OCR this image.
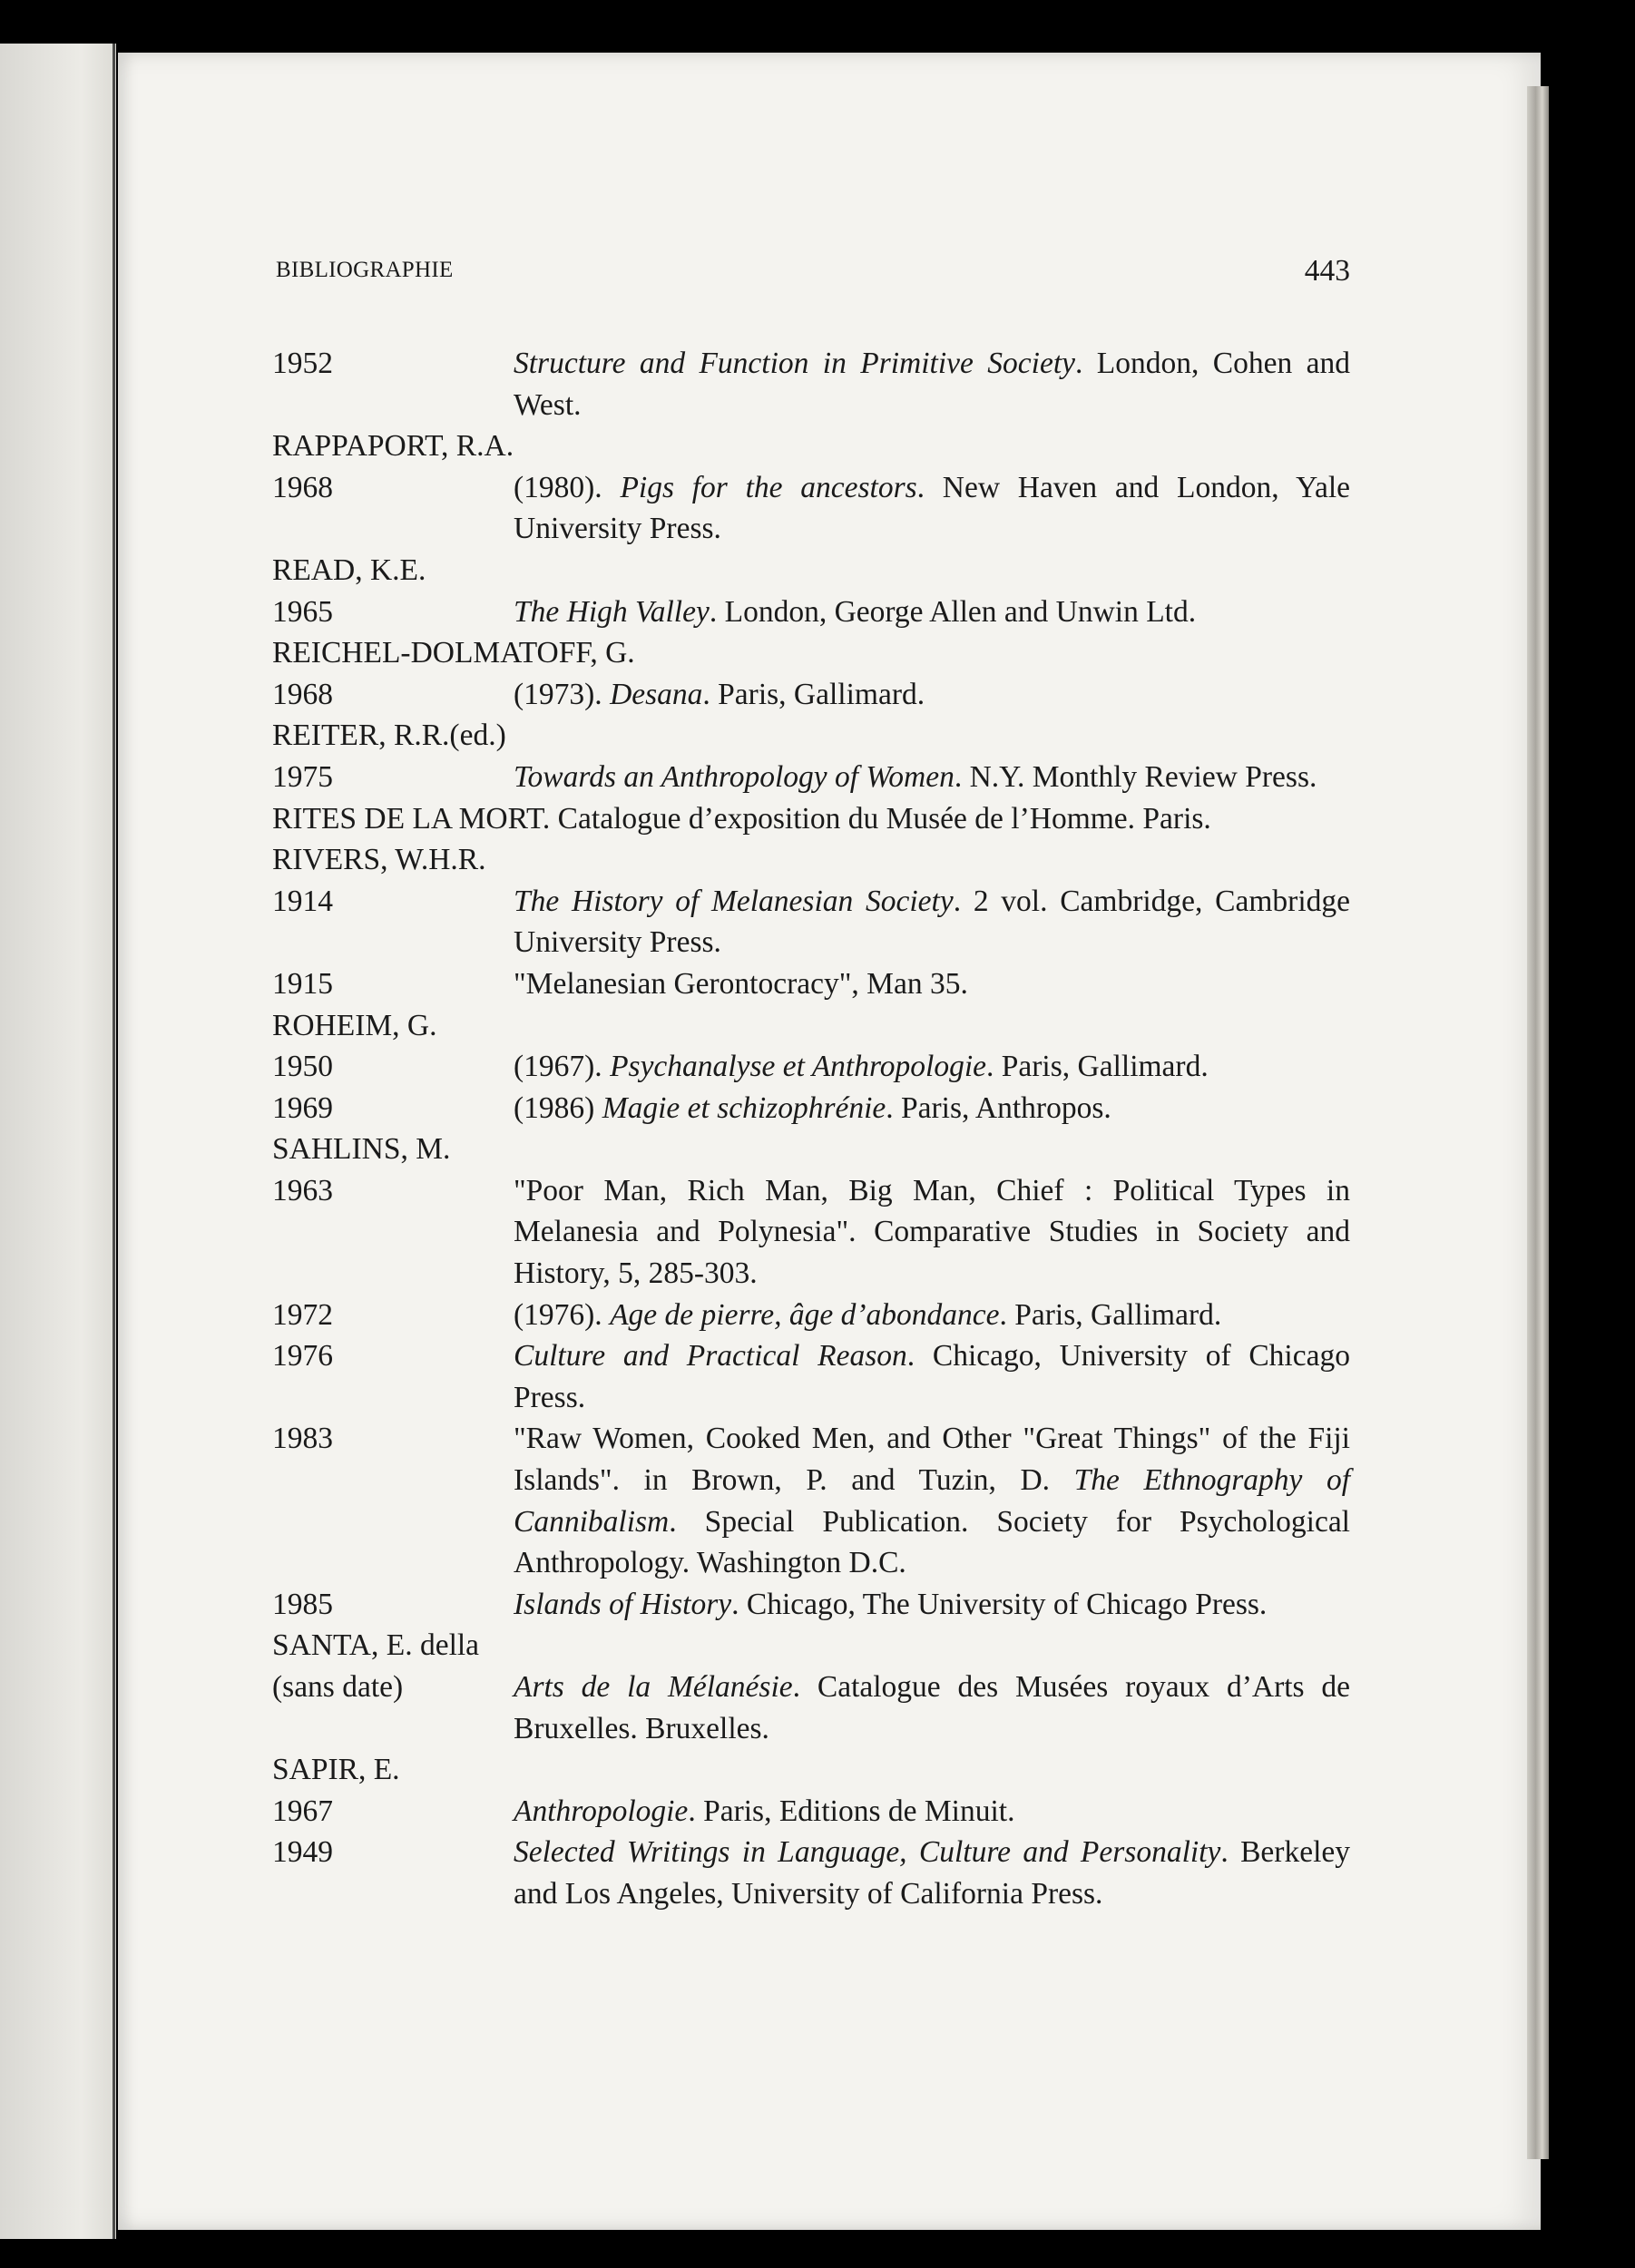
BIBLIOGRAPHIE	443
1952	Structure and Function in Primitive Society. London, Cohen and West.
RAPPAPORT, R.A.
1968	(1980). Pigs for the ancestors. New Haven and London, Yale University Press.
READ, K.E.
1965	The High Valley. London, George Allen and Unwin Ltd.
REICHEL-DOLMATOFF, G.
1968	(1973). Desana. Paris, Gallimard.
REITER, R.R.(ed.)
1975	Towards an Anthropology of Women. N.Y. Monthly Review Press.
RITES DE LA MORT. Catalogue d’exposition du Musée de l’Homme. Paris.
RIVERS, W.H.R.
1914	The History of Melanesian Society. 2 vol. Cambridge, Cambridge University Press.
1915	"Melanesian Gerontocracy", Man 35.
ROHEIM, G.
1950	(1967). Psychanalyse et Anthropologie. Paris, Gallimard.
1969	(1986) Magie et schizophrénie. Paris, Anthropos.
SAHLINS, M.
1963	"Poor Man, Rich Man, Big Man, Chief : Political Types in Melanesia and Polynesia". Comparative Studies in Society and History, 5, 285-303.
1972	(1976). Age de pierre, âge d’abondance. Paris, Gallimard.
1976	Culture and Practical Reason. Chicago, University of Chicago Press.
1983	"Raw Women, Cooked Men, and Other "Great Things" of the Fiji Islands". in Brown, P. and Tuzin, D. The Ethnography of Cannibalism. Special Publication. Society for Psychological Anthropology. Washington D.C.
1985	Islands of History. Chicago, The University of Chicago Press.
SANTA, E. della
(sans date)	Arts de la Mélanésie. Catalogue des Musées royaux d’Arts de Bruxelles. Bruxelles.
SAPIR, E.
1967	Anthropologie. Paris, Editions de Minuit.
1949	Selected Writings in Language, Culture and Personality. Berkeley and Los Angeles, University of California Press.
